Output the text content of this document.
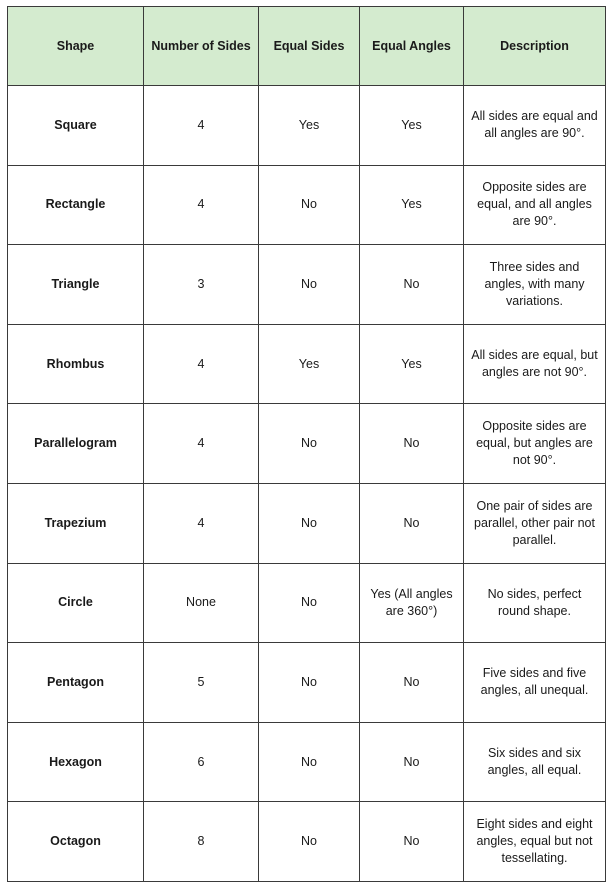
Shape	Number of Sides	Equal Sides	Equal Angles	Description
Square	4	Yes	Yes	All sides are equal and all angles are 90°.
Rectangle	4	No	Yes	Opposite sides are equal, and all angles are 90°.
Triangle	3	No	No	Three sides and angles, with many variations.
Rhombus	4	Yes	Yes	All sides are equal, but angles are not 90°.
Parallelogram	4	No	No	Opposite sides are equal, but angles are not 90°.
Trapezium	4	No	No	One pair of sides are parallel, other pair not parallel.
Circle	None	No	Yes (All angles are 360°)	No sides, perfect round shape.
Pentagon	5	No	No	Five sides and five angles, all unequal.
Hexagon	6	No	No	Six sides and six angles, all equal.
Octagon	8	No	No	Eight sides and eight angles, equal but not tessellating.
